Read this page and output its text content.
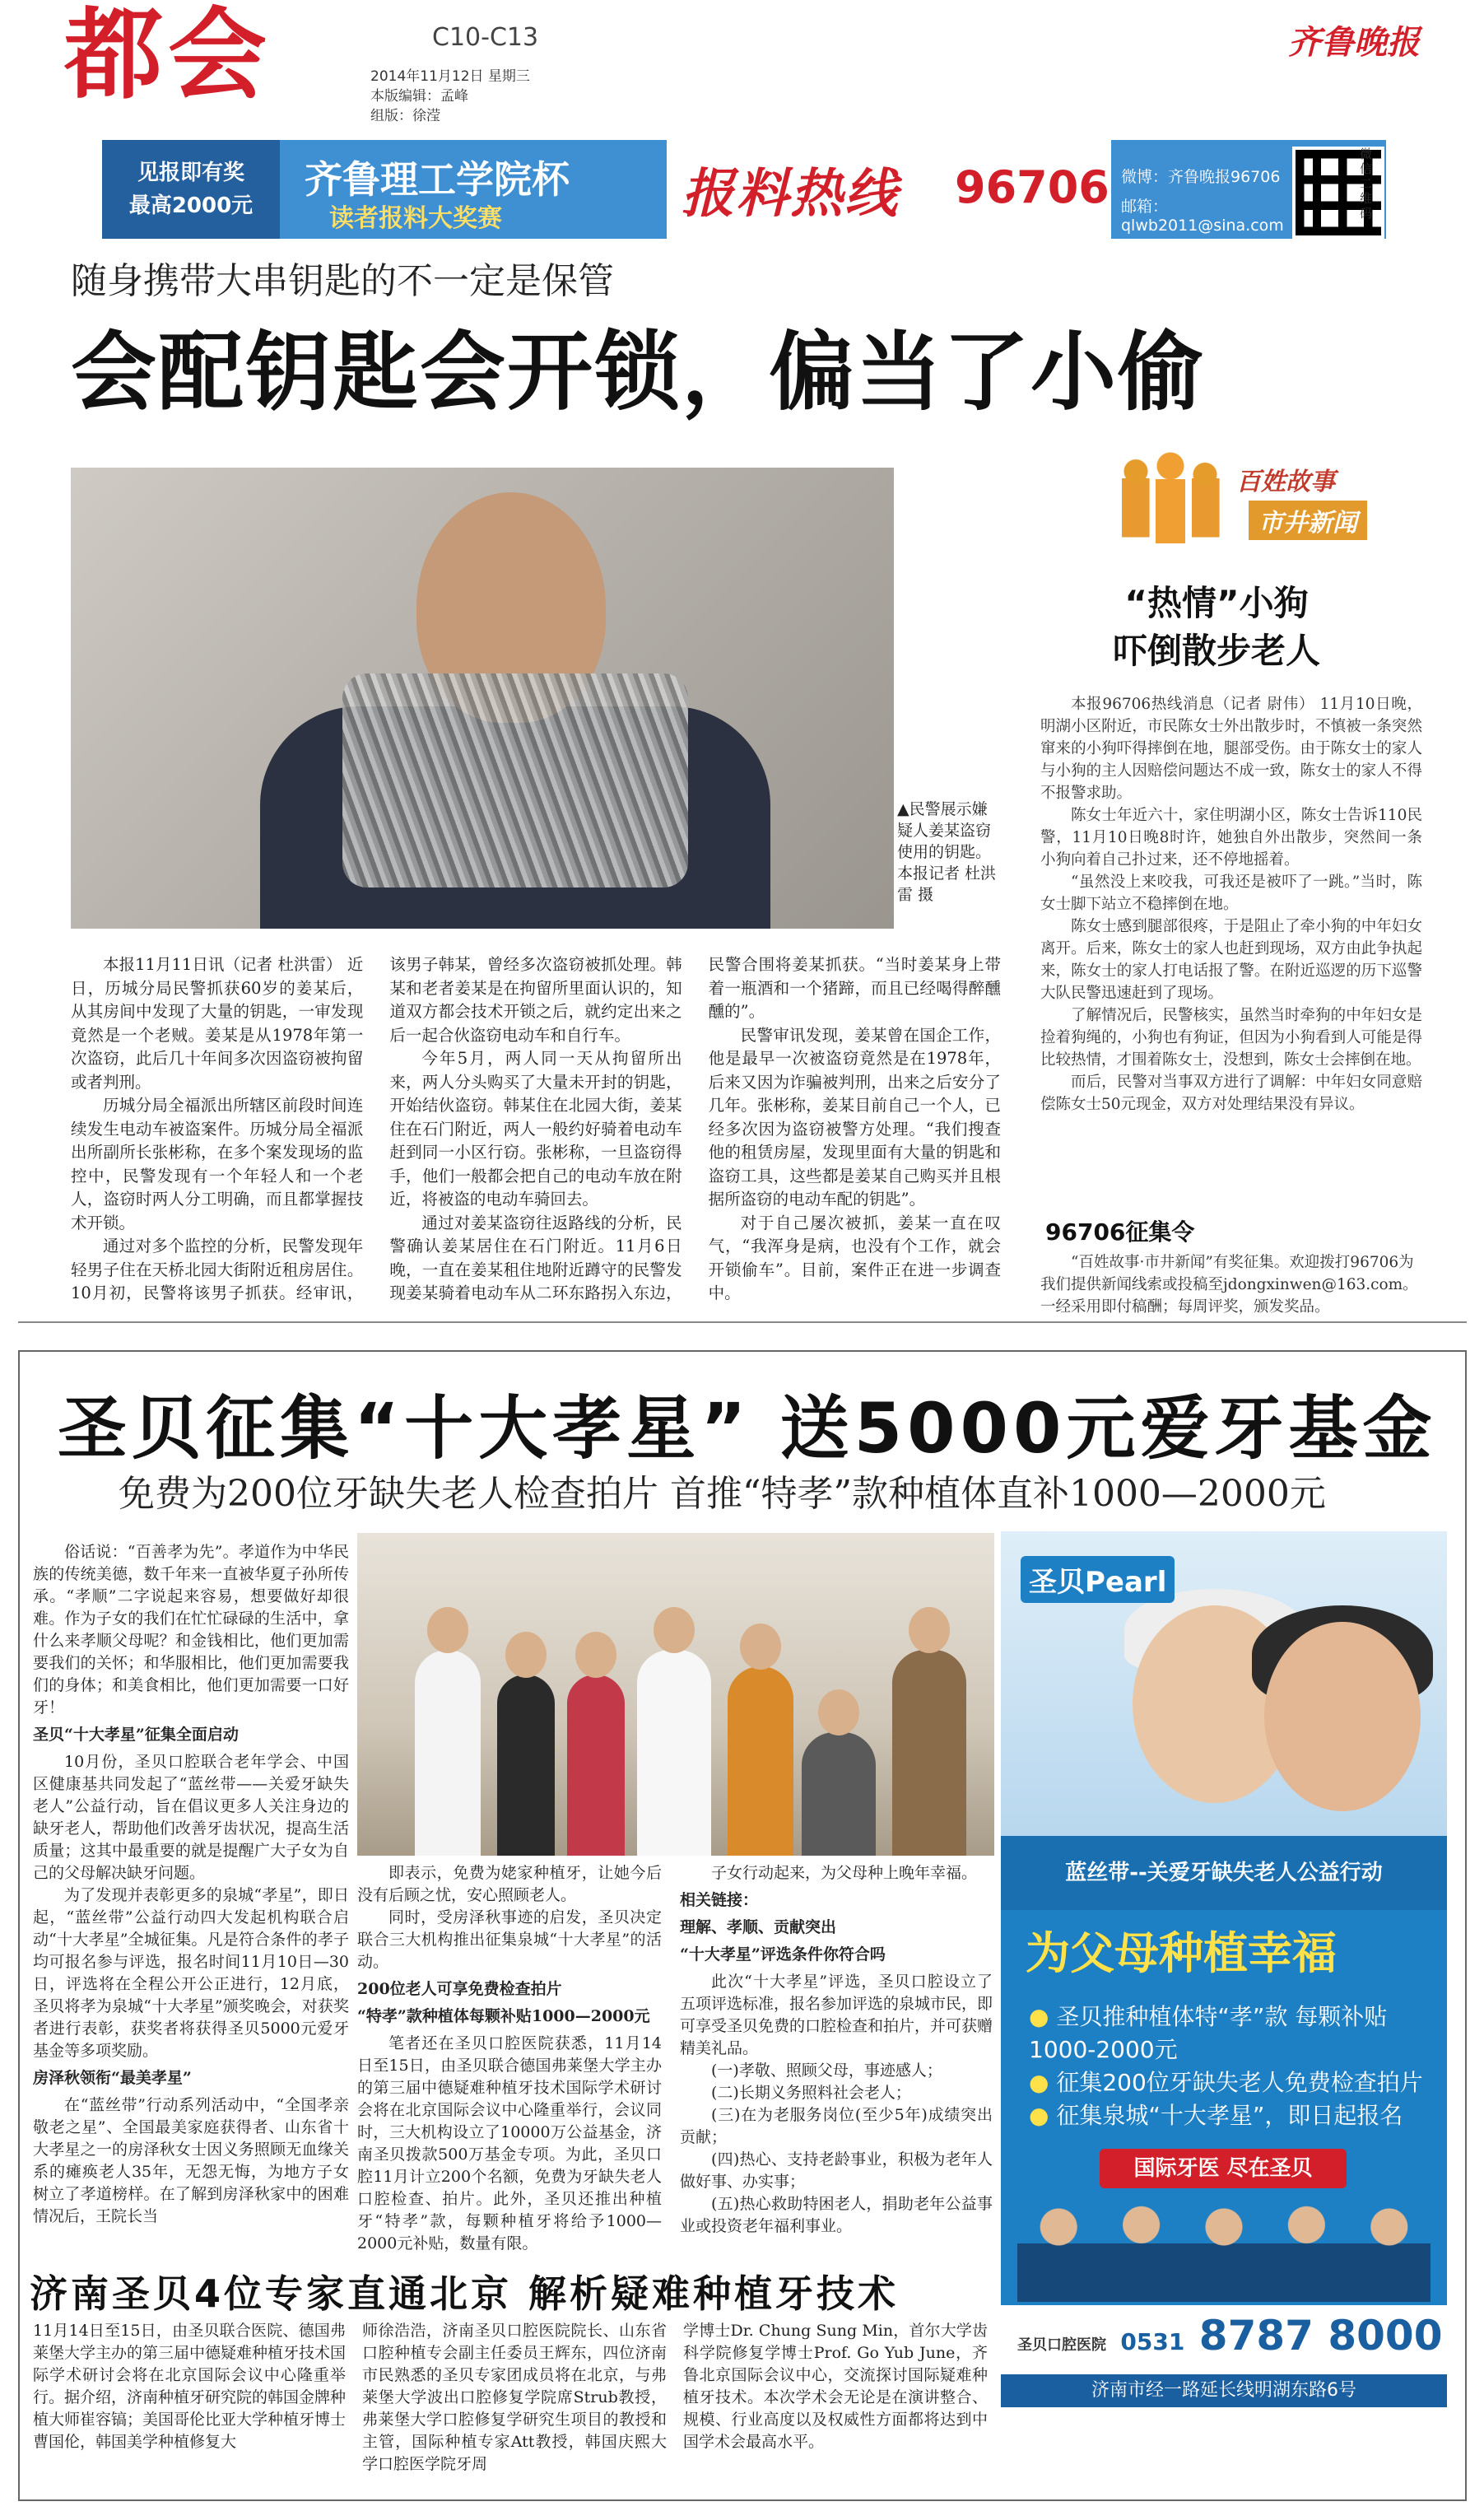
都会	C10-C13
2014年11月12日 星期三
本版编辑：孟峰
组版：徐滢
齐鲁晚报
见报即有奖
最高2000元
齐鲁理工学院杯
读者报料大奖赛	报料热线 96706 微博：齐鲁晚报96706
邮箱：qlwb2011@sina.com
微信二维码
随身携带大串钥匙的不一定是保管
会配钥匙会开锁，偏当了小偷
▲民警展示嫌疑人姜某盗窃使用的钥匙。 本报记者 杜洪雷 摄

本报11月11日讯（记者 杜洪雷） 近日，历城分局民警抓获60岁的姜某后，从其房间中发现了大量的钥匙，一审发现竟然是一个老贼。姜某是从1978年第一次盗窃，此后几十年间多次因盗窃被拘留或者判刑。

历城分局全福派出所辖区前段时间连续发生电动车被盗案件。历城分局全福派出所副所长张彬称，在多个案发现场的监控中，民警发现有一个年轻人和一个老人，盗窃时两人分工明确，而且都掌握技术开锁。

通过对多个监控的分析，民警发现年轻男子住在天桥北园大街附近租房居住。10月初，民警将该男子抓获。经审讯，该男子韩某，曾经多次盗窃被抓处理。韩某和老者姜某是在拘留所里面认识的，知道双方都会技术开锁之后，就约定出来之后一起合伙盗窃电动车和自行车。

今年5月，两人同一天从拘留所出来，两人分头购买了大量未开封的钥匙，开始结伙盗窃。韩某住在北园大街，姜某住在石门附近，两人一般约好骑着电动车赶到同一小区行窃。张彬称，一旦盗窃得手，他们一般都会把自己的电动车放在附近，将被盗的电动车骑回去。

通过对姜某盗窃往返路线的分析，民警确认姜某居住在石门附近。11月6日晚，一直在姜某租住地附近蹲守的民警发现姜某骑着电动车从二环东路拐入东边，民警合围将姜某抓获。“当时姜某身上带着一瓶酒和一个猪蹄，而且已经喝得醉醺醺的”。

民警审讯发现，姜某曾在国企工作，他是最早一次被盗窃竟然是在1978年，后来又因为诈骗被判刑，出来之后安分了几年。张彬称，姜某目前自己一个人，已经多次因为盗窃被警方处理。“我们搜查他的租赁房屋，发现里面有大量的钥匙和盗窃工具，这些都是姜某自己购买并且根据所盗窃的电动车配的钥匙”。

对于自己屡次被抓，姜某一直在叹气，“我浑身是病，也没有个工作，就会开锁偷车”。目前，案件正在进一步调查中。

百姓故事
市井新闻
“热情”小狗
吓倒散步老人

本报96706热线消息（记者 尉伟） 11月10日晚，明湖小区附近，市民陈女士外出散步时，不慎被一条突然窜来的小狗吓得摔倒在地，腿部受伤。由于陈女士的家人与小狗的主人因赔偿问题达不成一致，陈女士的家人不得不报警求助。

陈女士年近六十，家住明湖小区，陈女士告诉110民警，11月10日晚8时许，她独自外出散步，突然间一条小狗向着自己扑过来，还不停地摇着。

“虽然没上来咬我，可我还是被吓了一跳。”当时，陈女士脚下站立不稳摔倒在地。

陈女士感到腿部很疼，于是阻止了牵小狗的中年妇女离开。后来，陈女士的家人也赶到现场，双方由此争执起来，陈女士的家人打电话报了警。在附近巡逻的历下巡警大队民警迅速赶到了现场。

了解情况后，民警核实，虽然当时牵狗的中年妇女是捡着狗绳的，小狗也有狗证，但因为小狗看到人可能是得比较热情，才围着陈女士，没想到，陈女士会摔倒在地。

而后，民警对当事双方进行了调解：中年妇女同意赔偿陈女士50元现金，双方对处理结果没有异议。

96706征集令
“百姓故事·市井新闻”有奖征集。欢迎拨打96706为我们提供新闻线索或投稿至jdongxinwen@163.com。一经采用即付稿酬；每周评奖，颁发奖品。
圣贝征集“十大孝星” 送5000元爱牙基金
免费为200位牙缺失老人检查拍片 首推“特孝”款种植体直补1000—2000元

俗话说：“百善孝为先”。孝道作为中华民族的传统美德，数千年来一直被华夏子孙所传承。“孝顺”二字说起来容易，想要做好却很难。作为子女的我们在忙忙碌碌的生活中，拿什么来孝顺父母呢？和金钱相比，他们更加需要我们的关怀；和华服相比，他们更加需要我们的身体；和美食相比，他们更加需要一口好牙！

圣贝“十大孝星”征集全面启动

10月份，圣贝口腔联合老年学会、中国区健康基共同发起了“蓝丝带——关爱牙缺失老人”公益行动，旨在倡议更多人关注身边的缺牙老人，帮助他们改善牙齿状况，提高生活质量；这其中最重要的就是提醒广大子女为自己的父母解决缺牙问题。

为了发现并表彰更多的泉城“孝星”，即日起，“蓝丝带”公益行动四大发起机构联合启动“十大孝星”全城征集。凡是符合条件的孝子均可报名参与评选，报名时间11月10日—30日，评选将在全程公开公正进行，12月底，圣贝将孝为泉城“十大孝星”颁奖晚会，对获奖者进行表彰，获奖者将获得圣贝5000元爱牙基金等多项奖励。

房泽秋领衔“最美孝星”

在“蓝丝带”行动系列活动中，“全国孝亲敬老之星”、全国最美家庭获得者、山东省十大孝星之一的房泽秋女士因义务照顾无血缘关系的瘫痪老人35年，无怨无悔，为地方子女树立了孝道榜样。在了解到房泽秋家中的困难情况后，王院长当

即表示，免费为姥家种植牙，让她今后没有后顾之忧，安心照顾老人。

同时，受房泽秋事迹的启发，圣贝决定联合三大机构推出征集泉城“十大孝星”的活动。

200位老人可享免费检查拍片
“特孝”款种植体每颗补贴1000—2000元

笔者还在圣贝口腔医院获悉，11月14日至15日，由圣贝联合德国弗莱堡大学主办的第三届中德疑难种植牙技术国际学术研讨会将在北京国际会议中心隆重举行，会议同时，三大机构设立了10000万公益基金，济南圣贝拨款500万基金专项。为此，圣贝口腔11月计立200个名额，免费为牙缺失老人口腔检查、拍片。此外，圣贝还推出种植牙“特孝”款，每颗种植牙将给予1000—2000元补贴，数量有限。

子女行动起来，为父母种上晚年幸福。

相关链接：
理解、孝顺、贡献突出
“十大孝星”评选条件你符合吗

此次“十大孝星”评选，圣贝口腔设立了五项评选标准，报名参加评选的泉城市民，即可享受圣贝免费的口腔检查和拍片，并可获赠精美礼品。

(一)孝敬、照顾父母，事迹感人；

(二)长期义务照料社会老人；

(三)在为老服务岗位(至少5年)成绩突出贡献；

(四)热心、支持老龄事业，积极为老年人做好事、办实事；

(五)热心救助特困老人，捐助老年公益事业或投资老年福利事业。

圣贝Pearl
蓝丝带--关爱牙缺失老人公益行动
为父母种植幸福
● 圣贝推种植体特“孝”款 每颗补贴1000-2000元
● 征集200位牙缺失老人免费检查拍片
● 征集泉城“十大孝星”，即日起报名
国际牙医 尽在圣贝
圣贝口腔医院 0531 8787 8000
济南市经一路延长线明湖东路6号
济南圣贝4位专家直通北京 解析疑难种植牙技术
11月14日至15日，由圣贝联合医院、德国弗莱堡大学主办的第三届中德疑难种植牙技术国际学术研讨会将在北京国际会议中心隆重举行。据介绍，济南种植牙研究院的韩国金牌种植大师崔容镐；美国哥伦比亚大学种植牙博士曹国伦，韩国美学种植修复大
师徐浩浩，济南圣贝口腔医院院长、山东省口腔种植专会副主任委员王辉东，四位济南市民熟悉的圣贝专家团成员将在北京，与弗莱堡大学波出口腔修复学院席Strub教授，弗莱堡大学口腔修复学研究生项目的教授和主管，国际种植专家Att教授，韩国庆熙大学口腔医学院牙周
学博士Dr. Chung Sung Min，首尔大学齿科学院修复学博士Prof. Go Yub June，齐鲁北京国际会议中心，交流探讨国际疑难种植牙技术。本次学术会无论是在演讲整合、规模、行业高度以及权威性方面都将达到中国学术会最高水平。
